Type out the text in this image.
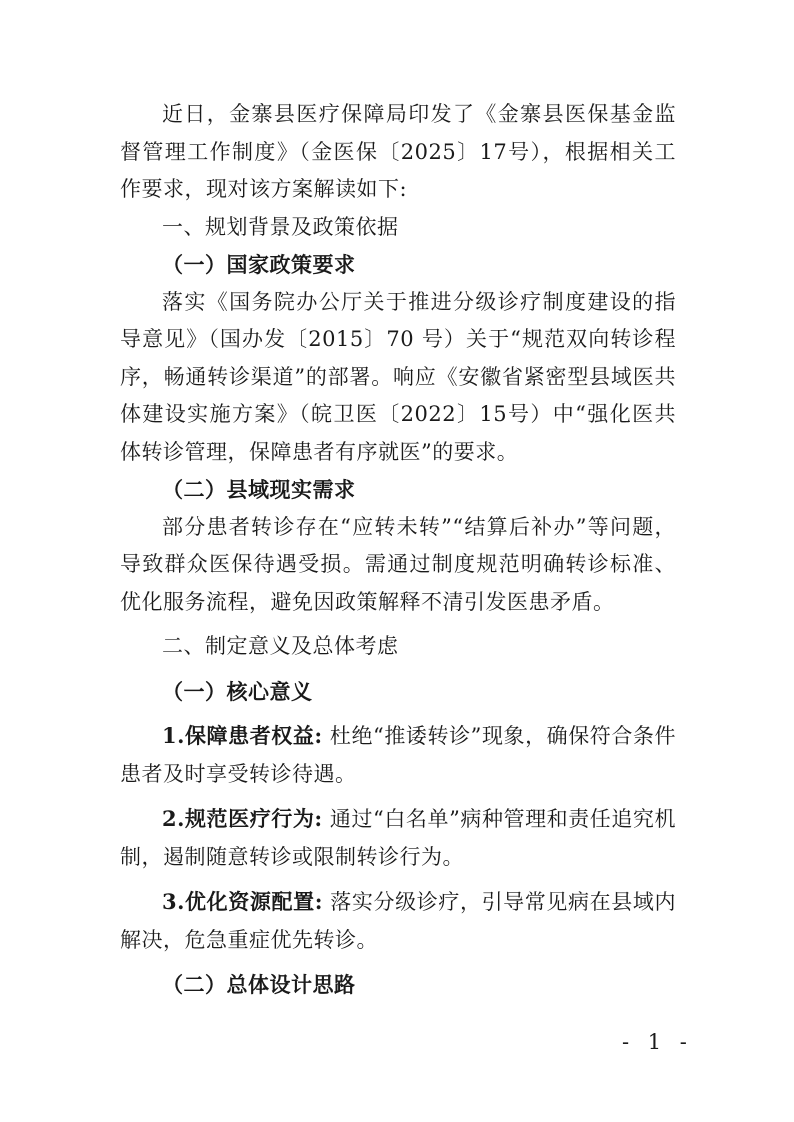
近日，金寨县医疗保障局印发了《金寨县医保基金监督管理工作制度》（金医保〔2025〕17号），根据相关工作要求，现对该方案解读如下:

一、规划背景及政策依据

（一）国家政策要求

落实《国务院办公厅关于推进分级诊疗制度建设的指导意见》（国办发〔2015〕70 号）关于“规范双向转诊程序，畅通转诊渠道”的部署。响应《安徽省紧密型县域医共体建设实施方案》（皖卫医〔2022〕15号）中“强化医共体转诊管理，保障患者有序就医”的要求。

（二）县域现实需求

部分患者转诊存在“应转未转”“结算后补办”等问题，导致群众医保待遇受损。需通过制度规范明确转诊标准、优化服务流程，避免因政策解释不清引发医患矛盾。

二、制定意义及总体考虑

（一）核心意义

1.保障患者权益: 杜绝“推诿转诊”现象，确保符合条件患者及时享受转诊待遇。

2.规范医疗行为: 通过“白名单”病种管理和责任追究机制，遏制随意转诊或限制转诊行为。

3.优化资源配置: 落实分级诊疗，引导常见病在县域内解决，危急重症优先转诊。

（二）总体设计思路

- 1 -
